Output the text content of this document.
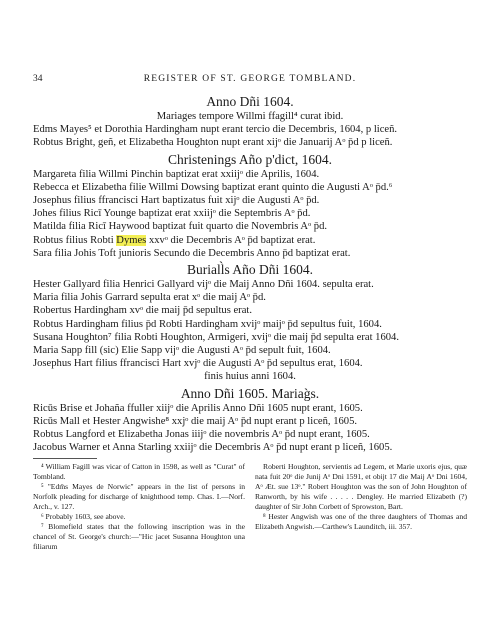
34	REGISTER OF ST. GEORGE TOMBLAND.
Anno Dñi 1604.

Mariages tempore Willmi ffagill⁴ curat ibid.

Edms Mayes⁵ et Dorothia Hardingham nupt erant tercio die Decembris, 1604, p liceñ.

Robtus Bright, geñ, et Elizabetha Houghton nupt erant xijᵒ die Januarij Aᵒ p̄d p liceñ.

Christenings Año p'dict, 1604.

Margareta filia Willmi Pinchin baptizat erat xxiijᵒ die Aprilis, 1604.

Rebecca et Elizabetha filie Willmi Dowsing baptizat erant quinto die Augusti Aᵒ p̄d.⁶

Josephus filius ffrancisci Hart baptizatus fuit xijᵒ die Augusti Aᵒ p̄d.

Johes filius Ricī Younge baptizat erat xxiijᵒ die Septembris Aᵒ p̄d.

Matilda filia Ricī Haywood baptizat fuit quarto die Novembris Aᵒ p̄d.

Robtus filius Robti Dymes xxvᵒ die Decembris Aᵒ p̄d baptizat erat.

Sara filia Johis Toft junioris Secundo die Decembris Anno p̄d baptizat erat.

Buriall̀s Año Dñi 1604.

Hester Gallyard filia Henrici Gallyard vijᵒ die Maij Anno Dñi 1604. sepulta erat.

Maria filia Johis Garrard sepulta erat xᵒ die maij Aᵒ p̄d.

Robertus Hardingham xvᵒ die maij p̄d sepultus erat.

Robtus Hardingham filius p̄d Robti Hardingham xvijᵒ maijᵒ p̄d sepultus fuit, 1604.

Susana Houghton⁷ filia Robti Houghton, Armigeri, xvijᵒ die maij p̄d sepulta erat 1604.

Maria Sapp fill (sic) Elie Sapp vijᵒ die Augusti Aᵒ p̄d sepult fuit, 1604.

Josephus Hart filius ffrancisci Hart xvjᵒ die Augusti Aᵒ p̄d sepultus erat, 1604.

finis huius anni 1604.

Anno Dñi 1605. Mariag̀s.

Ricūs Brise et Johaña ffuller xiijᵒ die Aprilis Anno Dñi 1605 nupt erant, 1605.

Ricūs Mall et Hester Angwishe⁸ xxjᵒ die maij Aᵒ p̄d nupt erant p liceñ, 1605.

Robtus Langford et Elizabetha Jonas iiijᵒ die novembris Aᵒ p̄d nupt erant, 1605.

Jacobus Warner et Anna Starling xxiijᵒ die Decembris Aᵒ p̄d nupt erant p liceñ, 1605.

⁴ William Fagill was vicar of Catton in 1598, as well as "Curat" of Tombland.

⁵ "Edm̄s Mayes de Norwic" appears in the list of persons in Norfolk pleading for discharge of knighthood temp. Chas. I.—Norf. Arch., v. 127.

⁶ Probably 1603, see above.

⁷ Blomefield states that the following inscription was in the chancel of St. George's church:—"Hic jacet Susanna Houghton una filiarum

Roberti Houghton, servientis ad Legem, et Marie uxoris ejus, quæ nata fuit 20ᵒ die Junij Aᵒ Dni 1591, et obijt 17 die Maij Aᵒ Dni 1604, Aᵒ Æt. sue 13ᵒ." Robert Houghton was the son of John Houghton of Ranworth, by his wife . . . . . Dengley. He married Elizabeth (?) daughter of Sir John Corbett of Sprowston, Bart.

⁸ Hester Angwish was one of the three daughters of Thomas and Elizabeth Angwish.—Carthew's Launditch, iii. 357.
